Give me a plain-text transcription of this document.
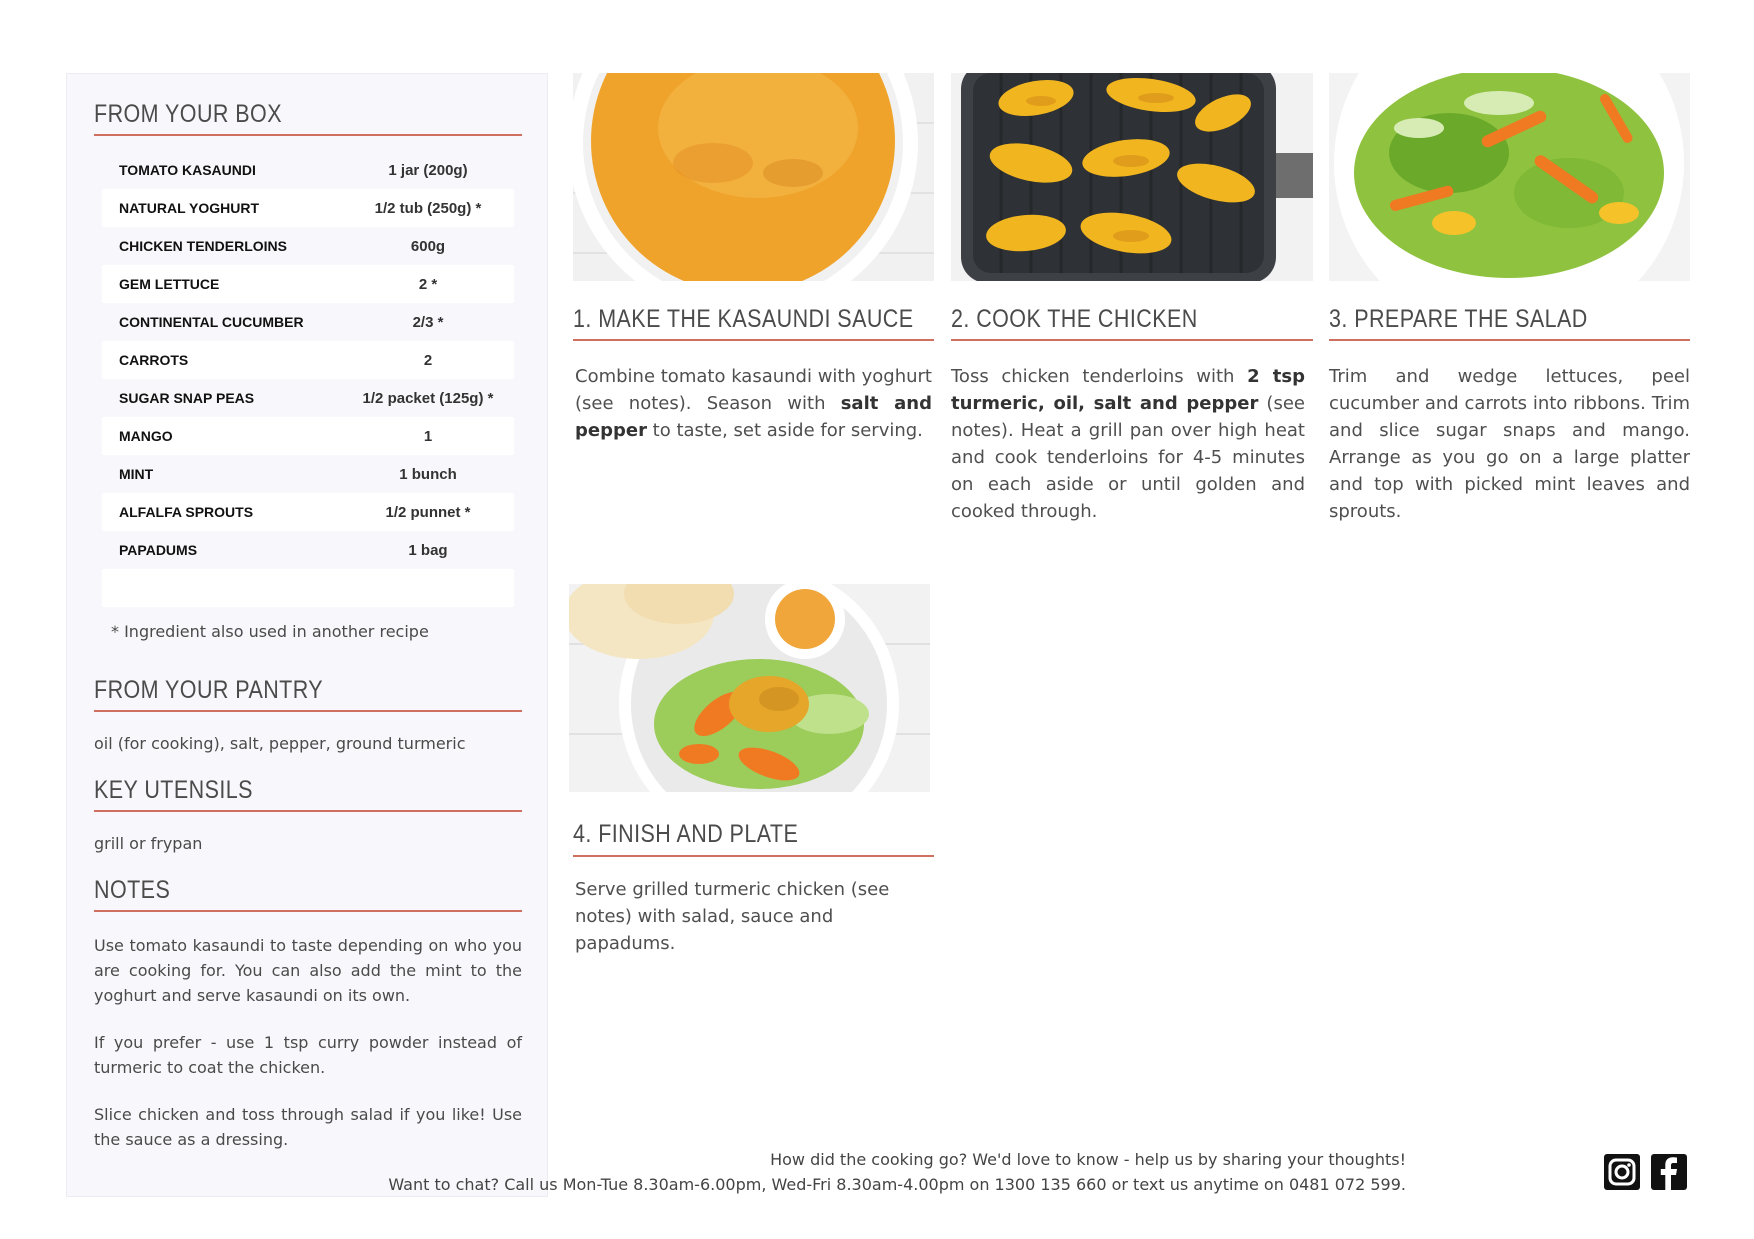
FROM YOUR BOX
TOMATO KASAUNDI	1 jar (200g)
NATURAL YOGHURT	1/2 tub (250g) *
CHICKEN TENDERLOINS	600g
GEM LETTUCE	2 *
CONTINENTAL CUCUMBER	2/3 *
CARROTS	2
SUGAR SNAP PEAS	1/2 packet (125g) *
MANGO	1
MINT	1 bunch
ALFALFA SPROUTS	1/2 punnet *
PAPADUMS	1 bag
* Ingredient also used in another recipe
FROM YOUR PANTRY
oil (for cooking), salt, pepper, ground turmeric
KEY UTENSILS
grill or frypan
NOTES

Use tomato kasaundi to taste depending on who you are cooking for. You can also add the mint to the yoghurt and serve kasaundi on its own.

If you prefer - use 1 tsp curry powder instead of turmeric to coat the chicken.

Slice chicken and toss through salad if you like! Use the sauce as a dressing.

1. MAKE THE KASAUNDI SAUCE

Combine tomato kasaundi with yoghurt (see notes). Season with salt and pepper to taste, set aside for serving.

2. COOK THE CHICKEN

Toss chicken tenderloins with 2 tsp turmeric, oil, salt and pepper (see notes). Heat a grill pan over high heat and cook tenderloins for 4-5 minutes on each aside or until golden and cooked through.

3. PREPARE THE SALAD

Trim and wedge lettuces, peel cucumber and carrots into ribbons. Trim and slice sugar snaps and mango. Arrange as you go on a large platter and top with picked mint leaves and sprouts.

4. FINISH AND PLATE

Serve grilled turmeric chicken (see notes) with salad, sauce and papadums.

How did the cooking go? We'd love to know - help us by sharing your thoughts!
Want to chat? Call us Mon-Tue 8.30am-6.00pm, Wed-Fri 8.30am-4.00pm on 1300 135 660 or text us anytime on 0481 072 599.
